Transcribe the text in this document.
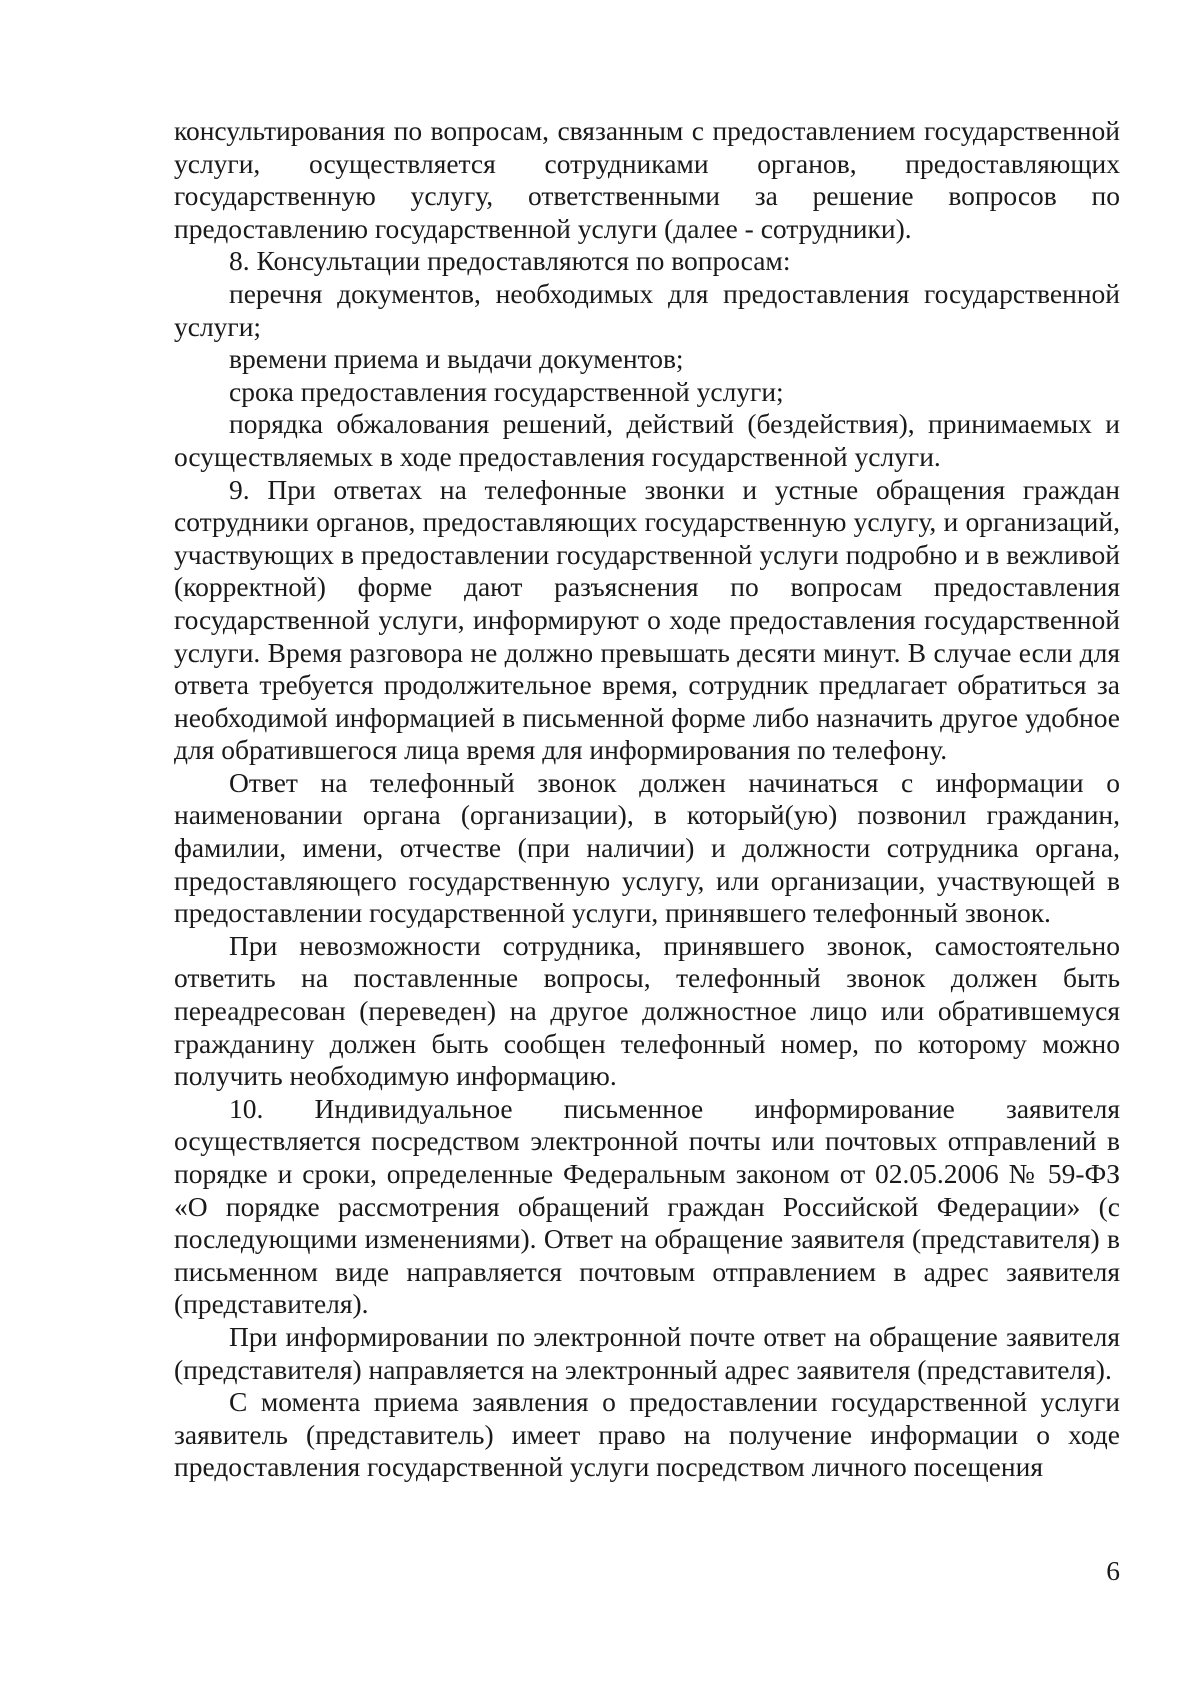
консультирования по вопросам, связанным с предоставлением государственной услуги, осуществляется сотрудниками органов, предоставляющих государственную услугу, ответственными за решение вопросов по предоставлению государственной услуги (далее - сотрудники).

8. Консультации предоставляются по вопросам:

перечня документов, необходимых для предоставления государственной услуги;

времени приема и выдачи документов;

срока предоставления государственной услуги;

порядка обжалования решений, действий (бездействия), принимаемых и осуществляемых в ходе предоставления государственной услуги.

9. При ответах на телефонные звонки и устные обращения граждан сотрудники органов, предоставляющих государственную услугу, и организаций, участвующих в предоставлении государственной услуги подробно и в вежливой (корректной) форме дают разъяснения по вопросам предоставления государственной услуги, информируют о ходе предоставления государственной услуги. Время разговора не должно превышать десяти минут. В случае если для ответа требуется продолжительное время, сотрудник предлагает обратиться за необходимой информацией в письменной форме либо назначить другое удобное для обратившегося лица время для информирования по телефону.

Ответ на телефонный звонок должен начинаться с информации о наименовании органа (организации), в который(ую) позвонил гражданин, фамилии, имени, отчестве (при наличии) и должности сотрудника органа, предоставляющего государственную услугу, или организации, участвующей в предоставлении государственной услуги, принявшего телефонный звонок.

При невозможности сотрудника, принявшего звонок, самостоятельно ответить на поставленные вопросы, телефонный звонок должен быть переадресован (переведен) на другое должностное лицо или обратившемуся гражданину должен быть сообщен телефонный номер, по которому можно получить необходимую информацию.

10. Индивидуальное письменное информирование заявителя осуществляется посредством электронной почты или почтовых отправлений в порядке и сроки, определенные Федеральным законом от 02.05.2006 № 59-ФЗ «О порядке рассмотрения обращений граждан Российской Федерации» (с последующими изменениями). Ответ на обращение заявителя (представителя) в письменном виде направляется почтовым отправлением в адрес заявителя (представителя).

При информировании по электронной почте ответ на обращение заявителя (представителя) направляется на электронный адрес заявителя (представителя).

С момента приема заявления о предоставлении государственной услуги заявитель (представитель) имеет право на получение информации о ходе предоставления государственной услуги посредством личного посещения

6
